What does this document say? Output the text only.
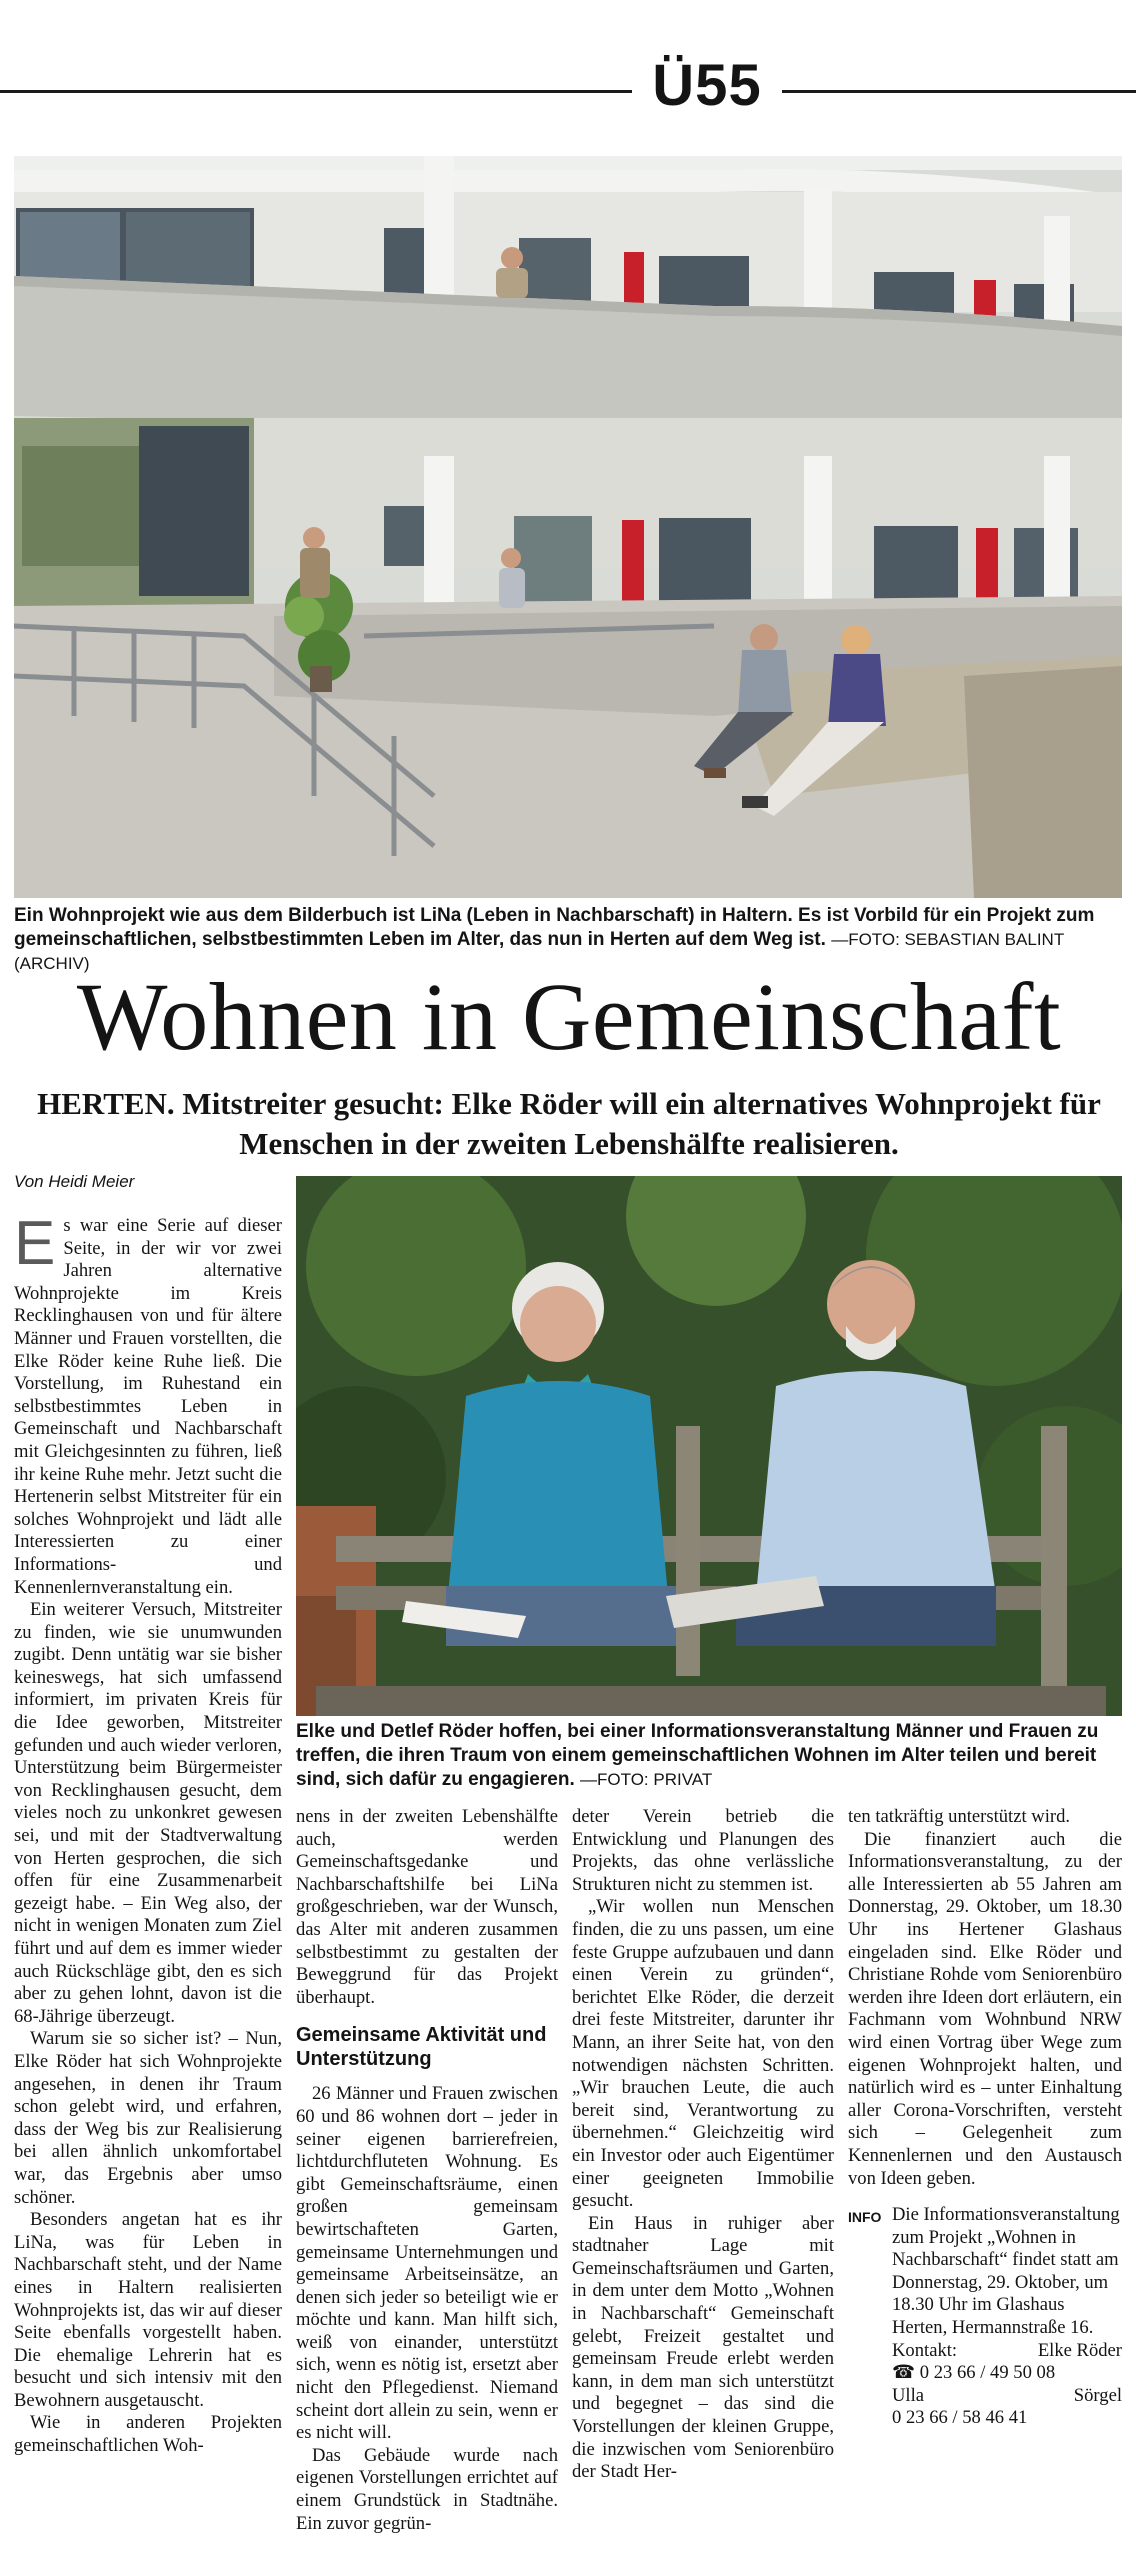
Ü55
Ein Wohnprojekt wie aus dem Bilderbuch ist LiNa (Leben in Nachbarschaft) in Haltern. Es ist Vorbild für ein Projekt zum gemeinschaftlichen, selbstbestimmten Leben im Alter, das nun in Herten auf dem Weg ist. —FOTO: SEBASTIAN BALINT (ARCHIV)
Wohnen in Gemeinschaft
HERTEN. Mitstreiter gesucht: Elke Röder will ein alternatives Wohnprojekt für Menschen in der zweiten Lebenshälfte realisieren.
Von Heidi Meier
Elke und Detlef Röder hoffen, bei einer Informationsveranstaltung Männer und Frauen zu treffen, die ihren Traum von einem gemeinschaftlichen Wohnen im Alter teilen und bereit sind, sich dafür zu engagieren. —FOTO: PRIVAT

Es war eine Serie auf dieser Seite, in der wir vor zwei Jahren alternative Wohnprojekte im Kreis Recklinghausen von und für ältere Männer und Frauen vorstellten, die Elke Röder keine Ruhe ließ. Die Vorstellung, im Ruhestand ein selbstbestimmtes Leben in Gemeinschaft und Nachbarschaft mit Gleichgesinnten zu führen, ließ ihr keine Ruhe mehr. Jetzt sucht die Hertenerin selbst Mitstreiter für ein solches Wohnprojekt und lädt alle Interessierten zu einer Informations- und Kennenlernveranstaltung ein.

Ein weiterer Versuch, Mitstreiter zu finden, wie sie unumwunden zugibt. Denn untätig war sie bisher keineswegs, hat sich umfassend informiert, im privaten Kreis für die Idee geworben, Mitstreiter gefunden und auch wieder verloren, Unterstützung beim Bürgermeister von Recklinghausen gesucht, dem vieles noch zu unkonkret gewesen sei, und mit der Stadtverwaltung von Herten gesprochen, die sich offen für eine Zusammenarbeit gezeigt habe. – Ein Weg also, der nicht in wenigen Monaten zum Ziel führt und auf dem es immer wieder auch Rückschläge gibt, den es sich aber zu gehen lohnt, davon ist die 68-Jährige überzeugt.

Warum sie so sicher ist? – Nun, Elke Röder hat sich Wohnprojekte angesehen, in denen ihr Traum schon gelebt wird, und erfahren, dass der Weg bis zur Realisierung bei allen ähnlich unkomfortabel war, das Ergebnis aber umso schöner.

Besonders angetan hat es ihr LiNa, was für Leben in Nachbarschaft steht, und der Name eines in Haltern realisierten Wohnprojekts ist, das wir auf dieser Seite ebenfalls vorgestellt haben. Die ehemalige Lehrerin hat es besucht und sich intensiv mit den Bewohnern ausgetauscht.

Wie in anderen Projekten gemeinschaftlichen Woh-

nens in der zweiten Lebenshälfte auch, werden Gemeinschaftsgedanke und Nachbarschaftshilfe bei LiNa großgeschrieben, war der Wunsch, das Alter mit anderen zusammen selbstbestimmt zu gestalten der Beweggrund für das Projekt überhaupt.

Gemeinsame Aktivität und Unterstützung

26 Männer und Frauen zwischen 60 und 86 wohnen dort – jeder in seiner eigenen barrierefreien, lichtdurchfluteten Wohnung. Es gibt Gemeinschaftsräume, einen großen gemeinsam bewirtschafteten Garten, gemeinsame Unternehmungen und gemeinsame Arbeitseinsätze, an denen sich jeder so beteiligt wie er möchte und kann. Man hilft sich, weiß von einander, unterstützt sich, wenn es nötig ist, ersetzt aber nicht den Pflegedienst. Niemand scheint dort allein zu sein, wenn er es nicht will.

Das Gebäude wurde nach eigenen Vorstellungen errichtet auf einem Grundstück in Stadtnähe. Ein zuvor gegrün-

deter Verein betrieb die Entwicklung und Planungen des Projekts, das ohne verlässliche Strukturen nicht zu stemmen ist.

„Wir wollen nun Menschen finden, die zu uns passen, um eine feste Gruppe aufzubauen und dann einen Verein zu gründen“, berichtet Elke Röder, die derzeit drei feste Mitstreiter, darunter ihr Mann, an ihrer Seite hat, von den notwendigen nächsten Schritten. „Wir brauchen Leute, die auch bereit sind, Verantwortung zu übernehmen.“ Gleichzeitig wird ein Investor oder auch Eigentümer einer geeigneten Immobilie gesucht.

Ein Haus in ruhiger aber stadtnaher Lage mit Gemeinschaftsräumen und Garten, in dem unter dem Motto „Wohnen in Nachbarschaft“ Gemeinschaft gelebt, Freizeit gestaltet und gemeinsam Freude erlebt werden kann, in dem man sich unterstützt und begegnet – das sind die Vorstellungen der kleinen Gruppe, die inzwischen vom Seniorenbüro der Stadt Her-

ten tatkräftig unterstützt wird.

Die finanziert auch die Informationsveranstaltung, zu der alle Interessierten ab 55 Jahren am Donnerstag, 29. Oktober, um 18.30 Uhr ins Hertener Glashaus eingeladen sind. Elke Röder und Christiane Rohde vom Seniorenbüro werden ihre Ideen dort erläutern, ein Fachmann vom Wohnbund NRW wird einen Vortrag über Wege zum eigenen Wohnprojekt halten, und natürlich wird es – unter Einhaltung aller Corona-Vorschriften, versteht sich – Gelegenheit zum Kennenlernen und den Austausch von Ideen geben.

INFO Die Informationsveranstaltung zum Projekt „Wohnen in Nachbarschaft“ findet statt am Donnerstag, 29. Oktober, um 18.30 Uhr im Glashaus Herten, Hermannstraße 16.
Kontakt:	Elke Röder
☎ 0 23 66 / 49 50 08
Ulla	Sörgel
0 23 66 / 58 46 41
